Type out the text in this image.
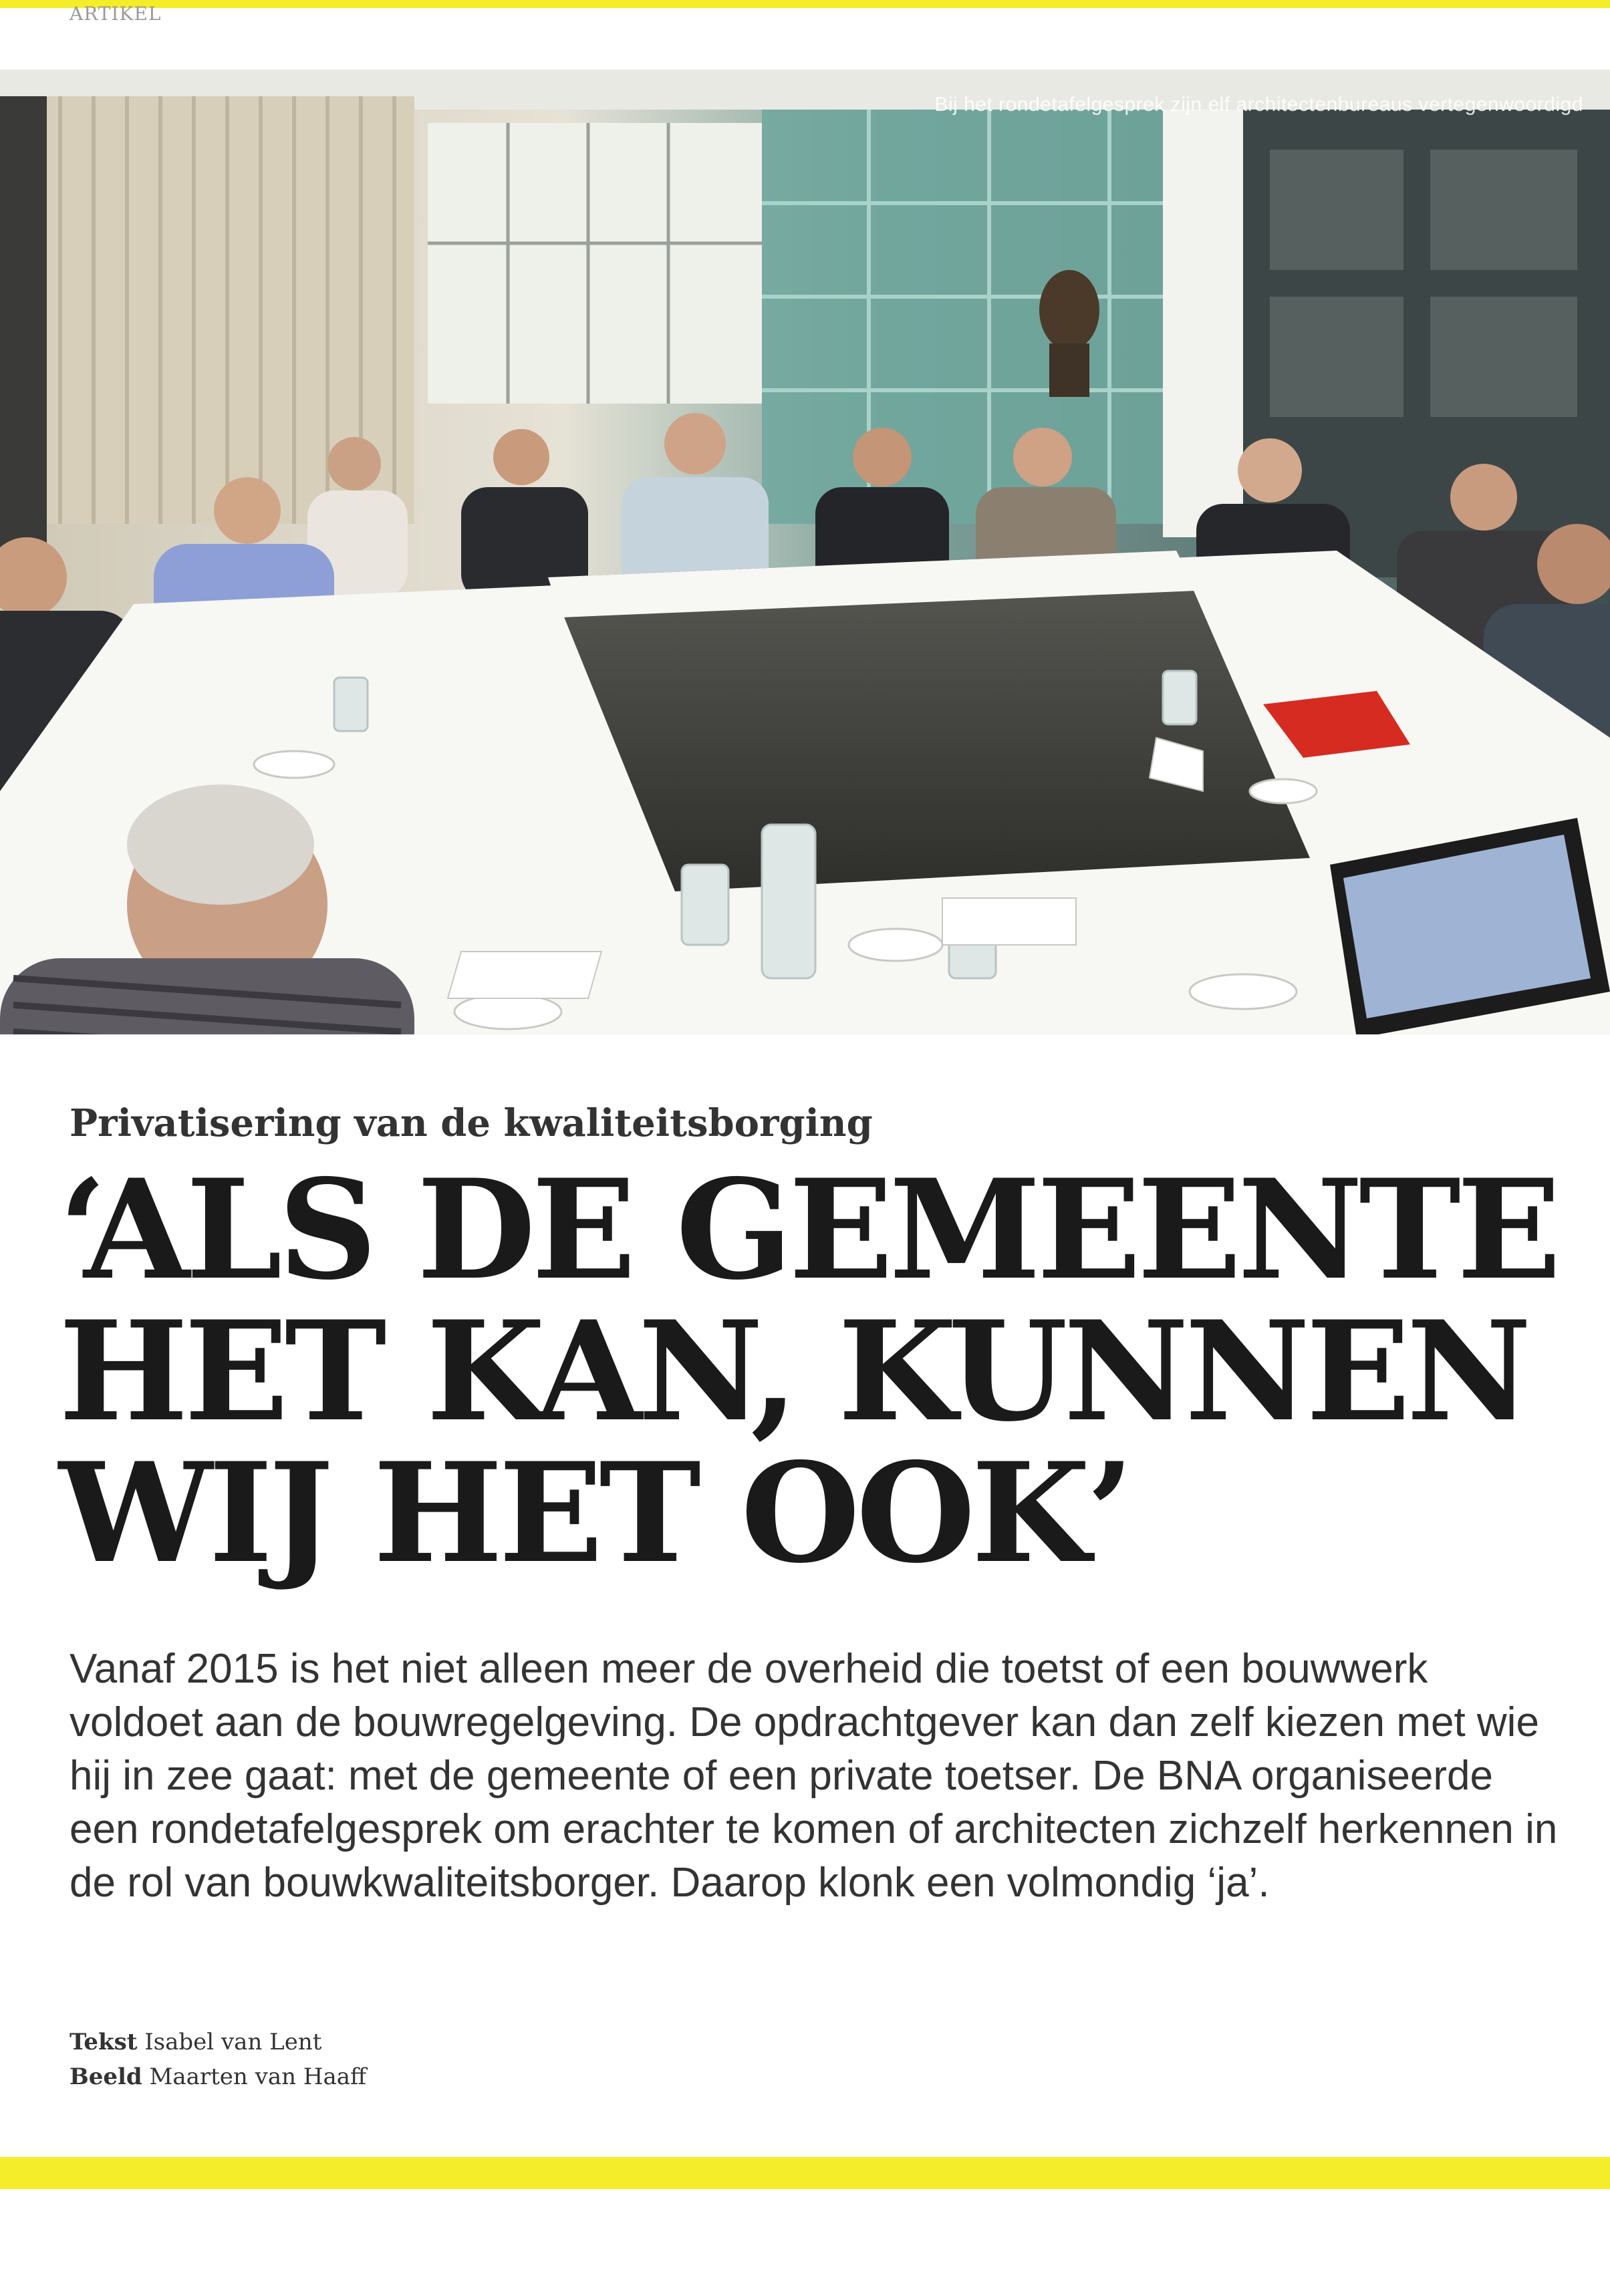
ARTIKEL
Bij het rondetafelgesprek zijn elf architectenbureaus vertegenwoordigd
Privatisering van de kwaliteitsborging
‘ALS DE GEMEENTE
HET KAN, KUNNEN
WIJ HET OOK’
Vanaf 2015 is het niet alleen meer de overheid die toetst of een bouwwerk voldoet aan de bouwregelgeving. De opdrachtgever kan dan zelf kiezen met wie hij in zee gaat: met de gemeente of een private toetser. De BNA organiseerde een rondetafelgesprek om erachter te komen of architecten zichzelf herkennen in de rol van bouwkwaliteitsborger. Daarop klonk een volmondig ‘ja’.
Tekst Isabel van Lent
Beeld Maarten van Haaff
